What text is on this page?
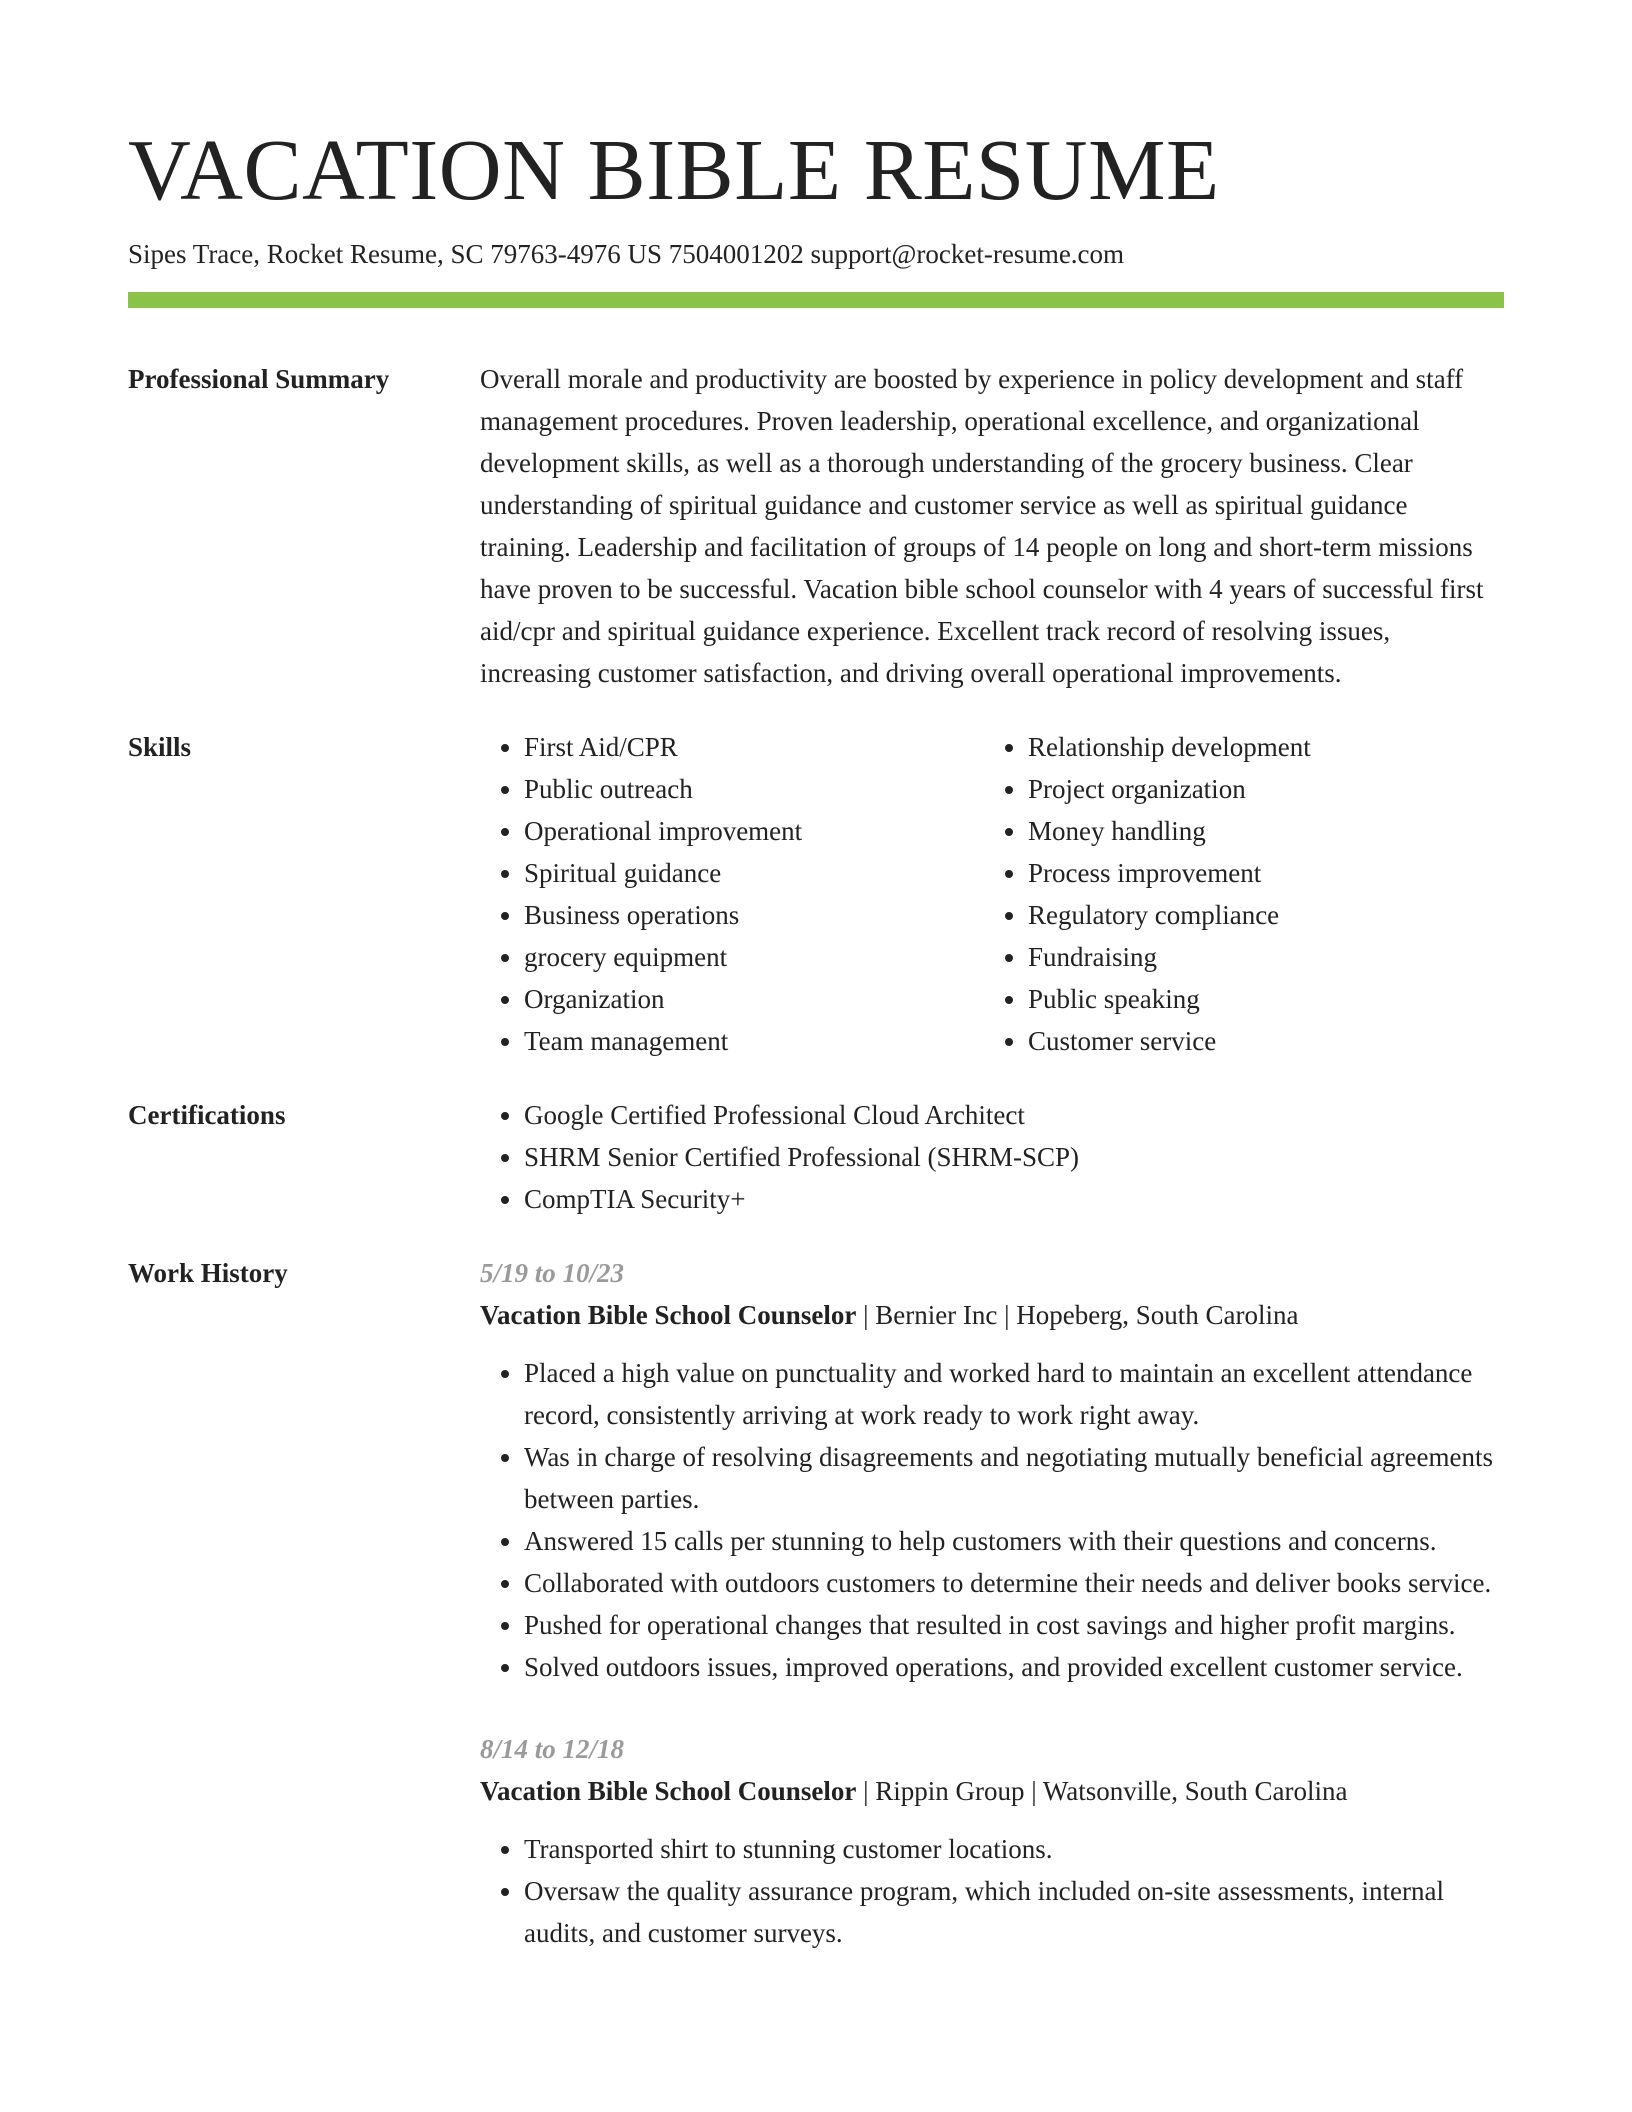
VACATION BIBLE RESUME
Sipes Trace, Rocket Resume, SC 79763-4976 US 7504001202 support@rocket-resume.com
Professional Summary	Overall morale and productivity are boosted by experience in policy development and staff management procedures. Proven leadership, operational excellence, and organizational development skills, as well as a thorough understanding of the grocery business. Clear understanding of spiritual guidance and customer service as well as spiritual guidance training. Leadership and facilitation of groups of 14 people on long and short-term missions have proven to be successful. Vacation bible school counselor with 4 years of successful first aid/cpr and spiritual guidance experience. Excellent track record of resolving issues, increasing customer satisfaction, and driving overall operational improvements.

Skills	• First Aid/CPR
• Public outreach
• Operational improvement
• Spiritual guidance
• Business operations
• grocery equipment
• Organization
• Team management
• Relationship development
• Project organization
• Money handling
• Process improvement
• Regulatory compliance
• Fundraising
• Public speaking
• Customer service
Certifications	• Google Certified Professional Cloud Architect
• SHRM Senior Certified Professional (SHRM-SCP)
• CompTIA Security+
Work History	5/19 to 10/23
Vacation Bible School Counselor | Bernier Inc | Hopeberg, South Carolina
• Placed a high value on punctuality and worked hard to maintain an excellent attendance record, consistently arriving at work ready to work right away.
• Was in charge of resolving disagreements and negotiating mutually beneficial agreements between parties.
• Answered 15 calls per stunning to help customers with their questions and concerns.
• Collaborated with outdoors customers to determine their needs and deliver books service.
• Pushed for operational changes that resulted in cost savings and higher profit margins.
• Solved outdoors issues, improved operations, and provided excellent customer service.
8/14 to 12/18
Vacation Bible School Counselor | Rippin Group | Watsonville, South Carolina
• Transported shirt to stunning customer locations.
• Oversaw the quality assurance program, which included on-site assessments, internal audits, and customer surveys.
